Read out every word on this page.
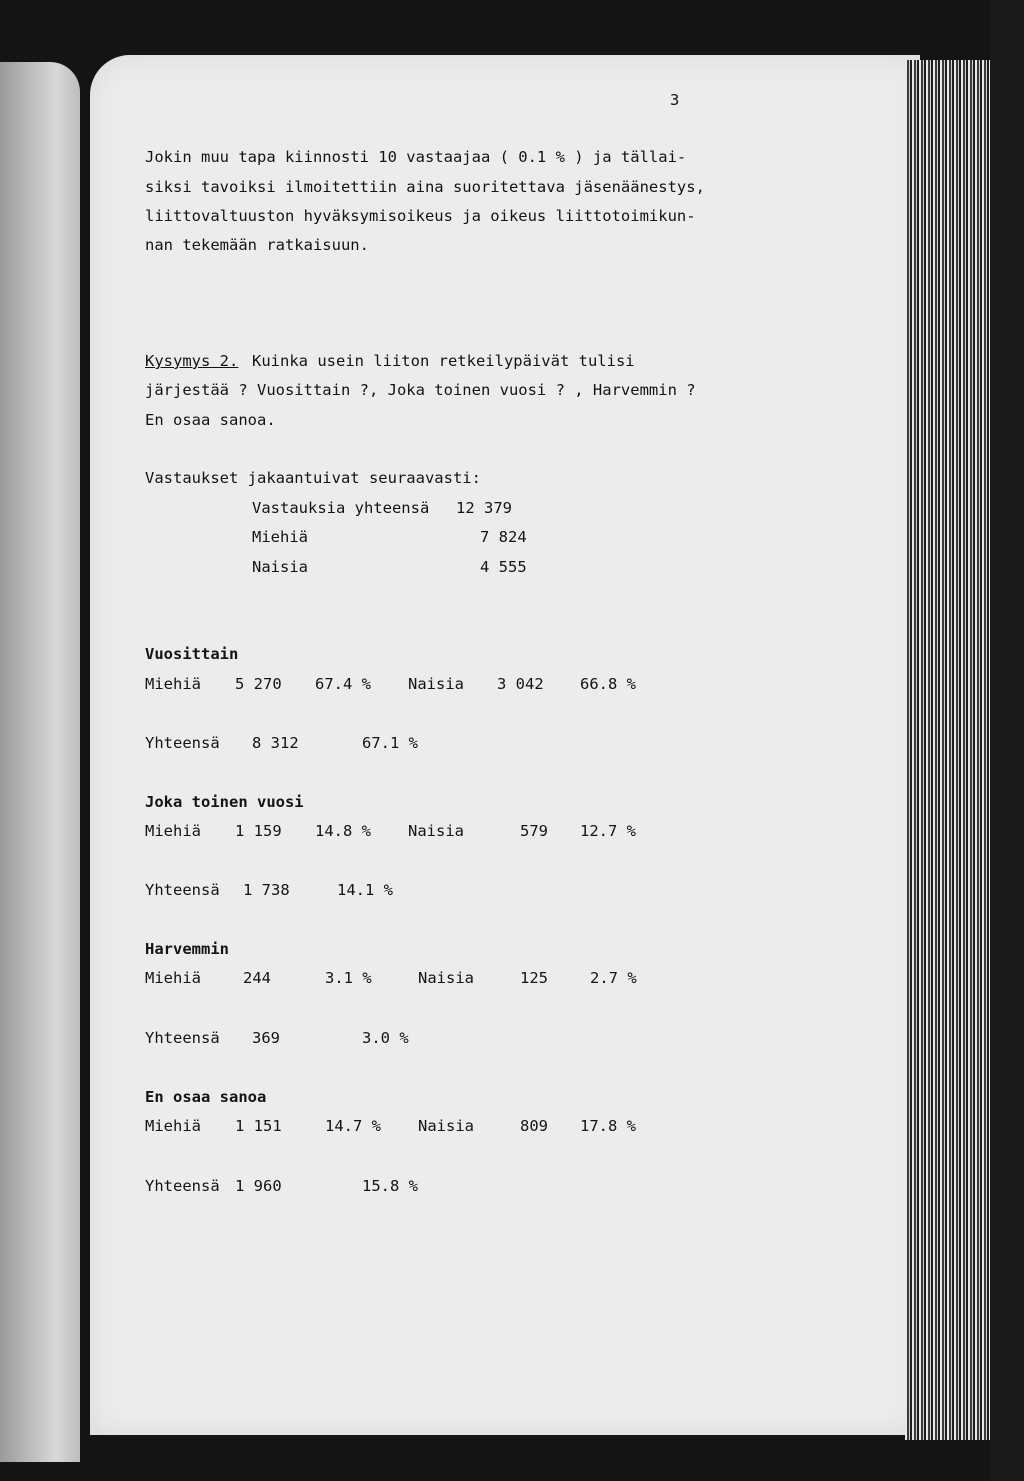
3

Jokin muu tapa kiinnosti 10 vastaajaa ( 0.1 % ) ja tällai-

siksi tavoiksi ilmoitettiin aina suoritettava jäsenäänestys,

liittovaltuuston hyväksymisoikeus ja oikeus liittotoimikun-

nan tekemään ratkaisuun.

Kysymys 2. Kuinka usein liiton retkeilypäivät tulisi

järjestää ? Vuosittain ?, Joka toinen vuosi ? , Harvemmin ?

En osaa sanoa.

Vastaukset jakaantuivat seuraavasti:

Vastauksia yhteensä 12 379

Miehiä	7 824

Naisia	4 555

Vuosittain

Miehiä 5 270 67.4 % Naisia 3 042 66.8 %

Yhteensä 8 312	67.1 %

Joka toinen vuosi

Miehiä 1 159 14.8 % Naisia	579 12.7 %

Yhteensä 1 738	14.1 %

Harvemmin

Miehiä	244	3.1 %	Naisia	125	2.7 %

Yhteensä 369	3.0 %

En osaa sanoa

Miehiä 1 151	14.7 % Naisia	809 17.8 %

Yhteensä 1 960	15.8 %
